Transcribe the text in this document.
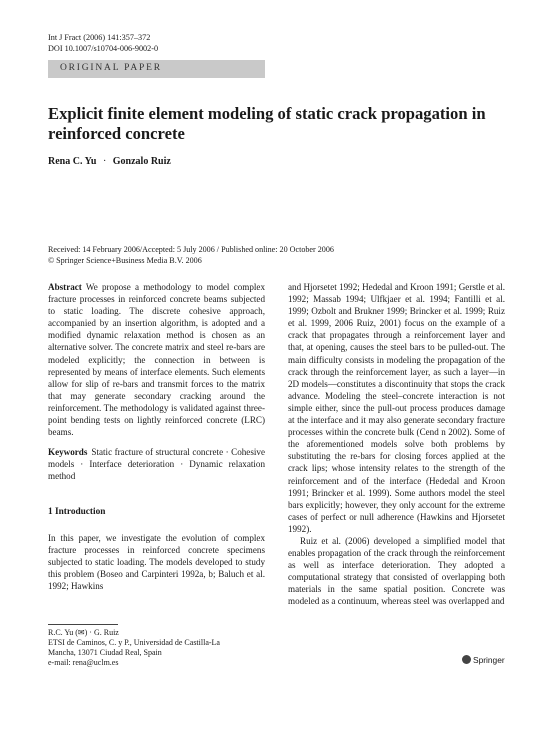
Int J Fract (2006) 141:357–372
DOI 10.1007/s10704-006-9002-0
ORIGINAL PAPER
Explicit finite element modeling of static crack propagation in reinforced concrete
Rena C. Yu · Gonzalo Ruiz
Received: 14 February 2006/Accepted: 5 July 2006 / Published online: 20 October 2006
© Springer Science+Business Media B.V. 2006

Abstract We propose a methodology to model complex fracture processes in reinforced concrete beams subjected to static loading. The discrete cohesive approach, accompanied by an insertion algorithm, is adopted and a modified dynamic relaxation method is chosen as an alternative solver. The concrete matrix and steel re-bars are modeled explicitly; the connection in between is represented by means of interface elements. Such elements allow for slip of re-bars and transmit forces to the matrix that may generate secondary cracking around the reinforcement. The methodology is validated against three-point bending tests on lightly reinforced concrete (LRC) beams.

Keywords Static fracture of structural concrete · Cohesive models · Interface deterioration · Dynamic relaxation method

1 Introduction

In this paper, we investigate the evolution of complex fracture processes in reinforced concrete specimens subjected to static loading. The models developed to study this problem (Boseo and Carpinteri 1992a, b; Baluch et al. 1992; Hawkins

and Hjorsetet 1992; Hededal and Kroon 1991; Gerstle et al. 1992; Massab 1994; Ulfkjaer et al. 1994; Fantilli et al. 1999; Ozbolt and Brukner 1999; Brincker et al. 1999; Ruiz et al. 1999, 2006 Ruiz, 2001) focus on the example of a crack that propagates through a reinforcement layer and that, at opening, causes the steel bars to be pulled-out. The main difficulty consists in modeling the propagation of the crack through the reinforcement layer, as such a layer—in 2D models—constitutes a discontinuity that stops the crack advance. Modeling the steel–concrete interaction is not simple either, since the pull-out process produces damage at the interface and it may also generate secondary fracture processes within the concrete bulk (Cend n 2002). Some of the aforementioned models solve both problems by substituting the re-bars for closing forces applied at the crack lips; whose intensity relates to the strength of the reinforcement and of the interface (Hededal and Kroon 1991; Brincker et al. 1999). Some authors model the steel bars explicitly; however, they only account for the extreme cases of perfect or null adherence (Hawkins and Hjorsetet 1992).

Ruiz et al. (2006) developed a simplified model that enables propagation of the crack through the reinforcement as well as interface deterioration. They adopted a computational strategy that consisted of overlapping both materials in the same spatial position. Concrete was modeled as a continuum, whereas steel was overlapped and

R.C. Yu (✉) · G. Ruiz
ETSI de Caminos, C. y P., Universidad de Castilla-La
Mancha, 13071 Ciudad Real, Spain
e-mail: rena@uclm.es	Springer
